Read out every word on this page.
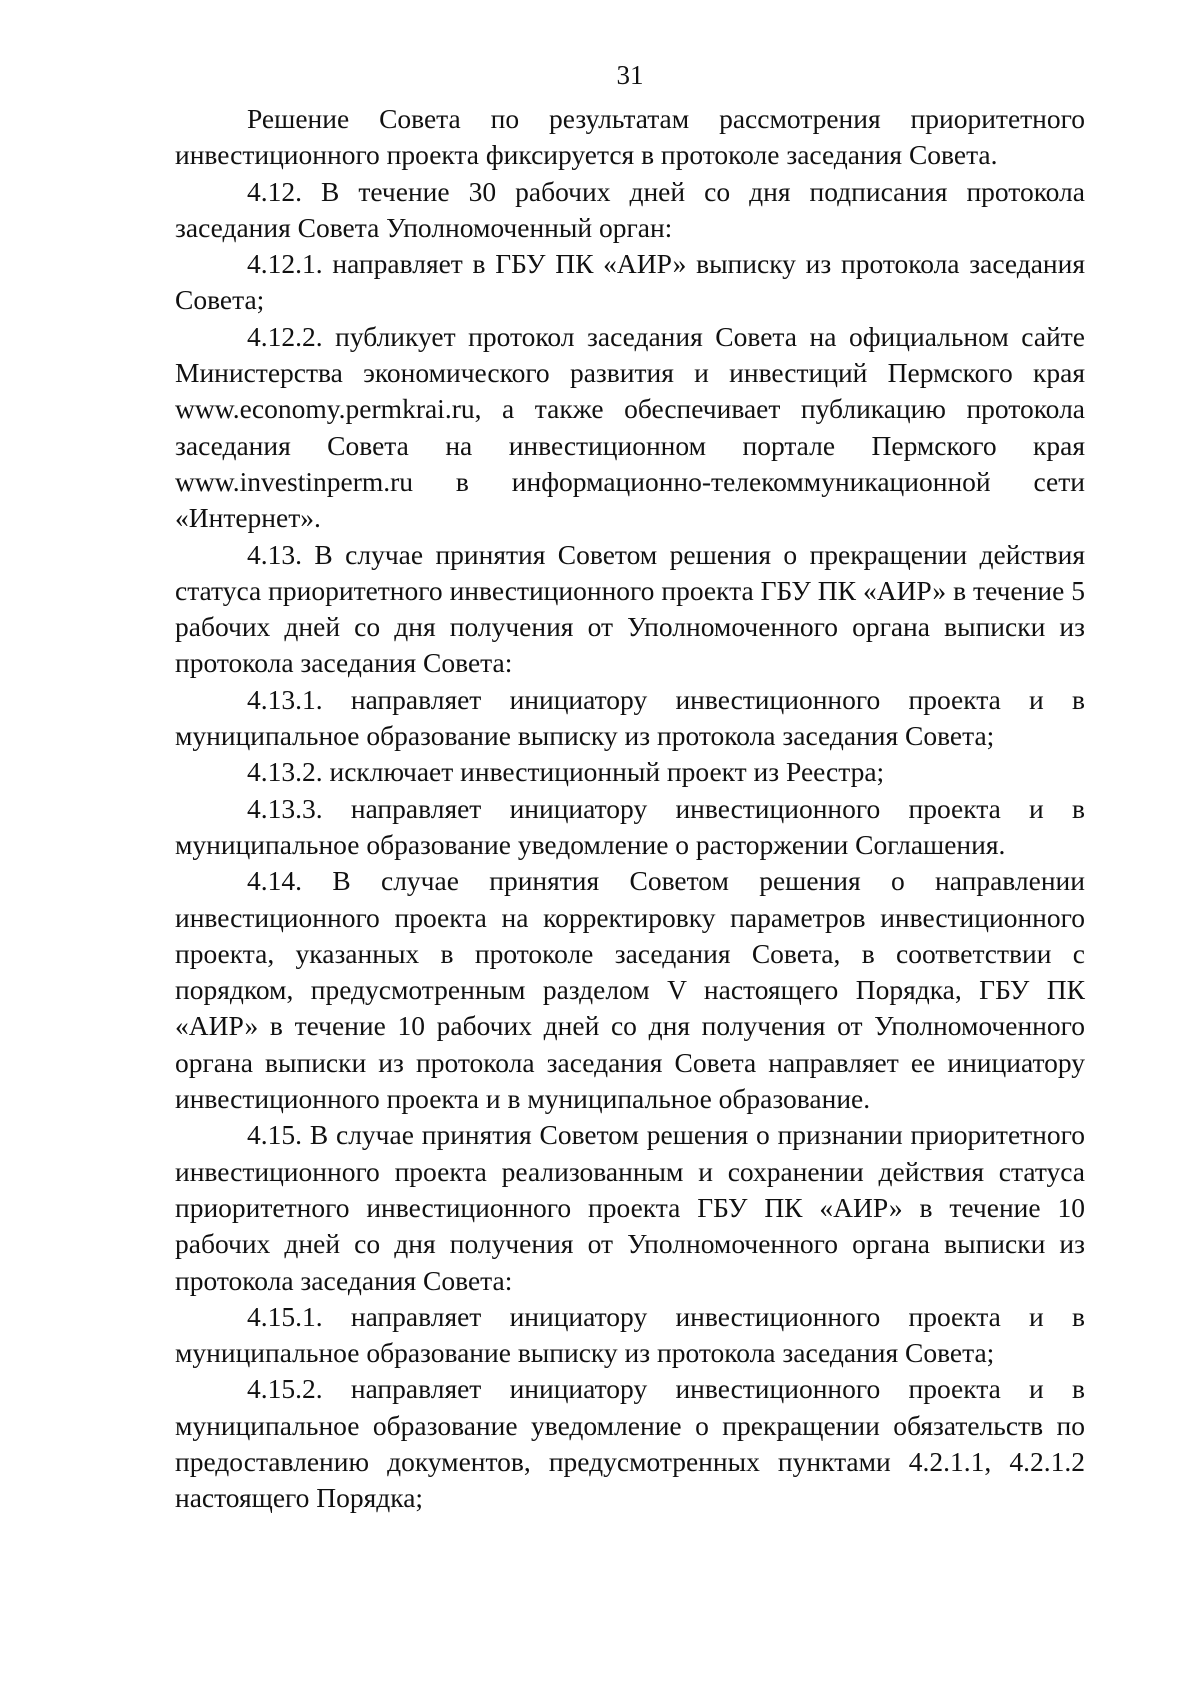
31

Решение Совета по результатам рассмотрения приоритетного инвестиционного проекта фиксируется в протоколе заседания Совета.

4.12. В течение 30 рабочих дней со дня подписания протокола заседания Совета Уполномоченный орган:

4.12.1. направляет в ГБУ ПК «АИР» выписку из протокола заседания Совета;

4.12.2. публикует протокол заседания Совета на официальном сайте Министерства экономического развития и инвестиций Пермского края www.economy.permkrai.ru, а также обеспечивает публикацию протокола заседания Совета на инвестиционном портале Пермского края www.investinperm.ru в информационно-телекоммуникационной сети «Интернет».

4.13. В случае принятия Советом решения о прекращении действия статуса приоритетного инвестиционного проекта ГБУ ПК «АИР» в течение 5 рабочих дней со дня получения от Уполномоченного органа выписки из протокола заседания Совета:

4.13.1. направляет инициатору инвестиционного проекта и в муниципальное образование выписку из протокола заседания Совета;

4.13.2. исключает инвестиционный проект из Реестра;

4.13.3. направляет инициатору инвестиционного проекта и в муниципальное образование уведомление о расторжении Соглашения.

4.14. В случае принятия Советом решения о направлении инвестиционного проекта на корректировку параметров инвестиционного проекта, указанных в протоколе заседания Совета, в соответствии с порядком, предусмотренным разделом V настоящего Порядка, ГБУ ПК «АИР» в течение 10 рабочих дней со дня получения от Уполномоченного органа выписки из протокола заседания Совета направляет ее инициатору инвестиционного проекта и в муниципальное образование.

4.15. В случае принятия Советом решения о признании приоритетного инвестиционного проекта реализованным и сохранении действия статуса приоритетного инвестиционного проекта ГБУ ПК «АИР» в течение 10 рабочих дней со дня получения от Уполномоченного органа выписки из протокола заседания Совета:

4.15.1. направляет инициатору инвестиционного проекта и в муниципальное образование выписку из протокола заседания Совета;

4.15.2. направляет инициатору инвестиционного проекта и в муниципальное образование уведомление о прекращении обязательств по предоставлению документов, предусмотренных пунктами 4.2.1.1, 4.2.1.2 настоящего Порядка;
